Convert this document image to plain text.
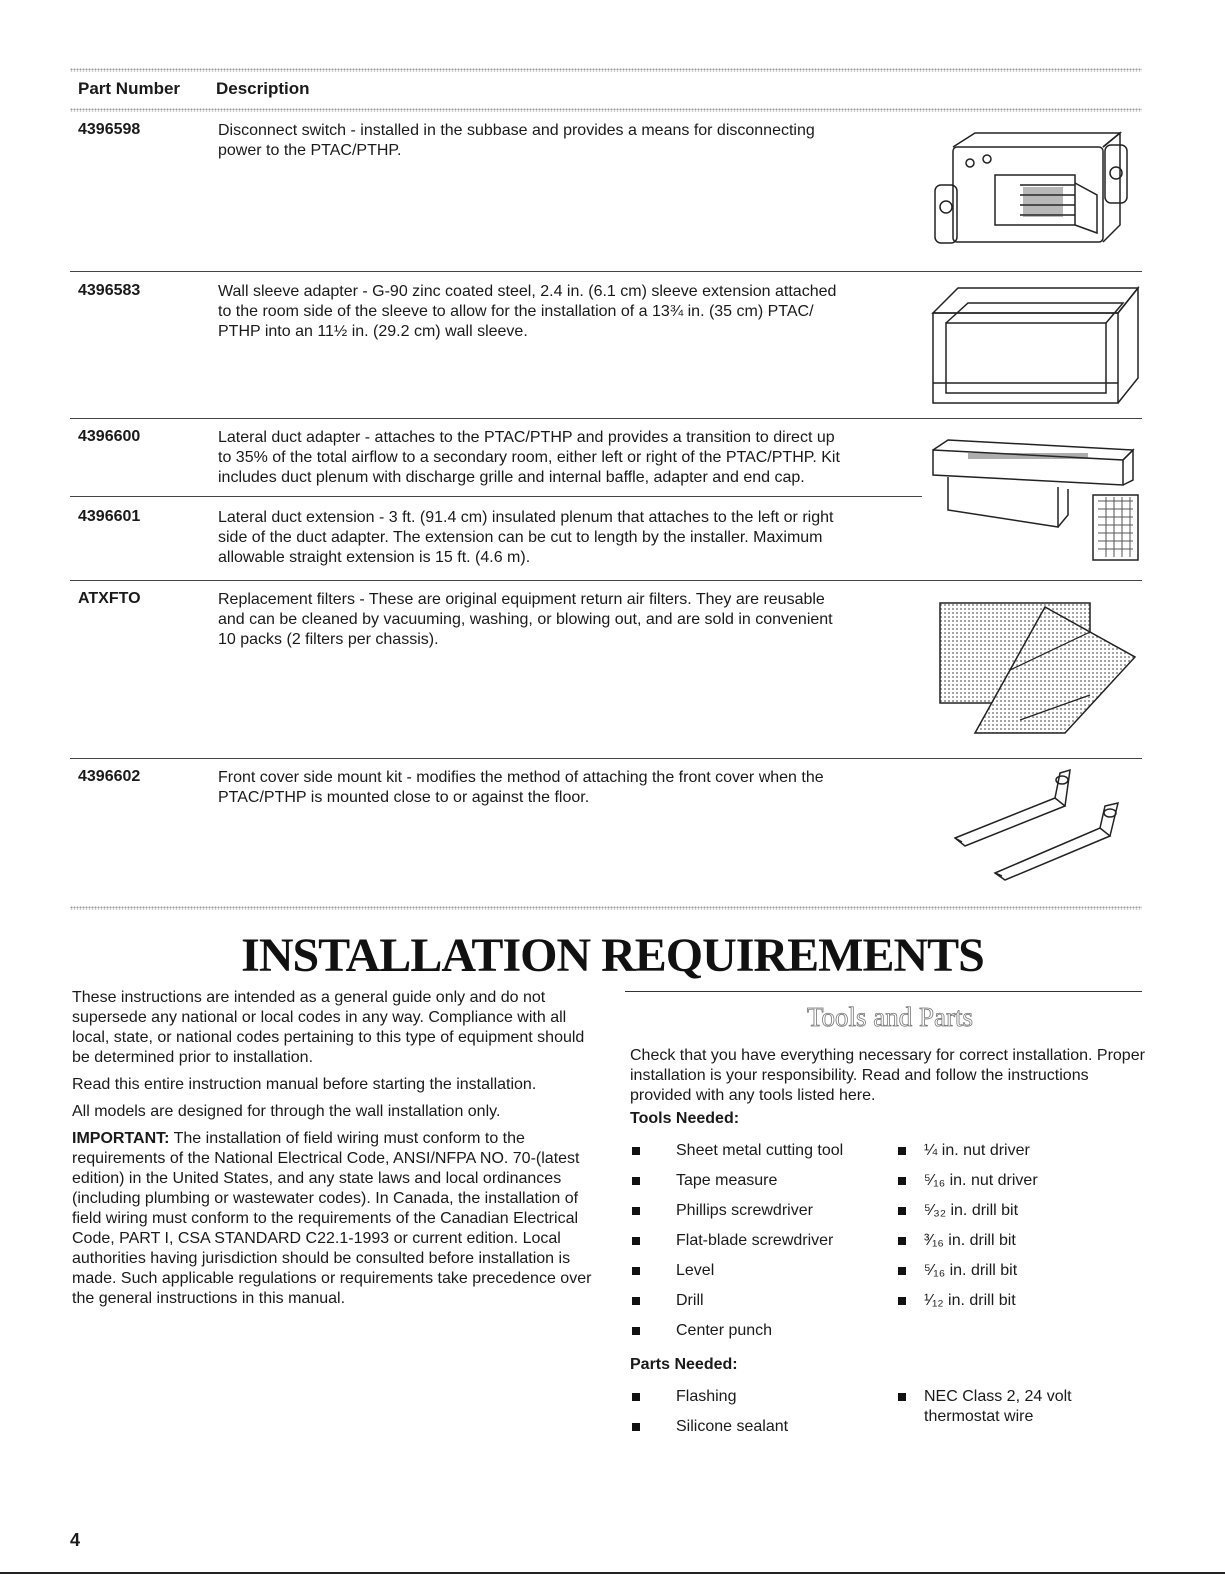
Part Number Description
4396598	Disconnect switch - installed in the subbase and provides a means for disconnecting
power to the PTAC/PTHP.
4396583	Wall sleeve adapter - G-90 zinc coated steel, 2.4 in. (6.1 cm) sleeve extension attached
to the room side of the sleeve to allow for the installation of a 13¾ in. (35 cm) PTAC/
PTHP into an 11½ in. (29.2 cm) wall sleeve.
4396600	Lateral duct adapter - attaches to the PTAC/PTHP and provides a transition to direct up
to 35% of the total airflow to a secondary room, either left or right of the PTAC/PTHP. Kit
includes duct plenum with discharge grille and internal baffle, adapter and end cap.
4396601	Lateral duct extension - 3 ft. (91.4 cm) insulated plenum that attaches to the left or right
side of the duct adapter. The extension can be cut to length by the installer. Maximum
allowable straight extension is 15 ft. (4.6 m).
ATXFTO	Replacement filters - These are original equipment return air filters. They are reusable
and can be cleaned by vacuuming, washing, or blowing out, and are sold in convenient
10 packs (2 filters per chassis).
4396602	Front cover side mount kit - modifies the method of attaching the front cover when the
PTAC/PTHP is mounted close to or against the floor.
INSTALLATION REQUIREMENTS

These instructions are intended as a general guide only and do not supersede any national or local codes in any way. Compliance with all local, state, or national codes pertaining to this type of equipment should be determined prior to installation.

Read this entire instruction manual before starting the installation.

All models are designed for through the wall installation only.

IMPORTANT: The installation of field wiring must conform to the requirements of the National Electrical Code, ANSI/NFPA NO. 70-(latest edition) in the United States, and any state laws and local ordinances (including plumbing or wastewater codes). In Canada, the installation of field wiring must conform to the requirements of the Canadian Electrical Code, PART I, CSA STANDARD C22.1-1993 or current edition. Local authorities having jurisdiction should be consulted before installation is made. Such applicable regulations or requirements take precedence over the general instructions in this manual.

Tools and Parts
Check that you have everything necessary for correct installation. Proper installation is your responsibility. Read and follow the instructions provided with any tools listed here.
Tools Needed:
Sheet metal cutting tool
Tape measure
Phillips screwdriver
Flat-blade screwdriver
Level
Drill
Center punch
¼ in. nut driver
⁵⁄₁₆ in. nut driver
⁵⁄₃₂ in. drill bit
³⁄₁₆ in. drill bit
⁵⁄₁₆ in. drill bit
¹⁄₁₂ in. drill bit
Parts Needed:
Flashing
Silicone sealant
NEC Class 2, 24 volt thermostat wire
4
